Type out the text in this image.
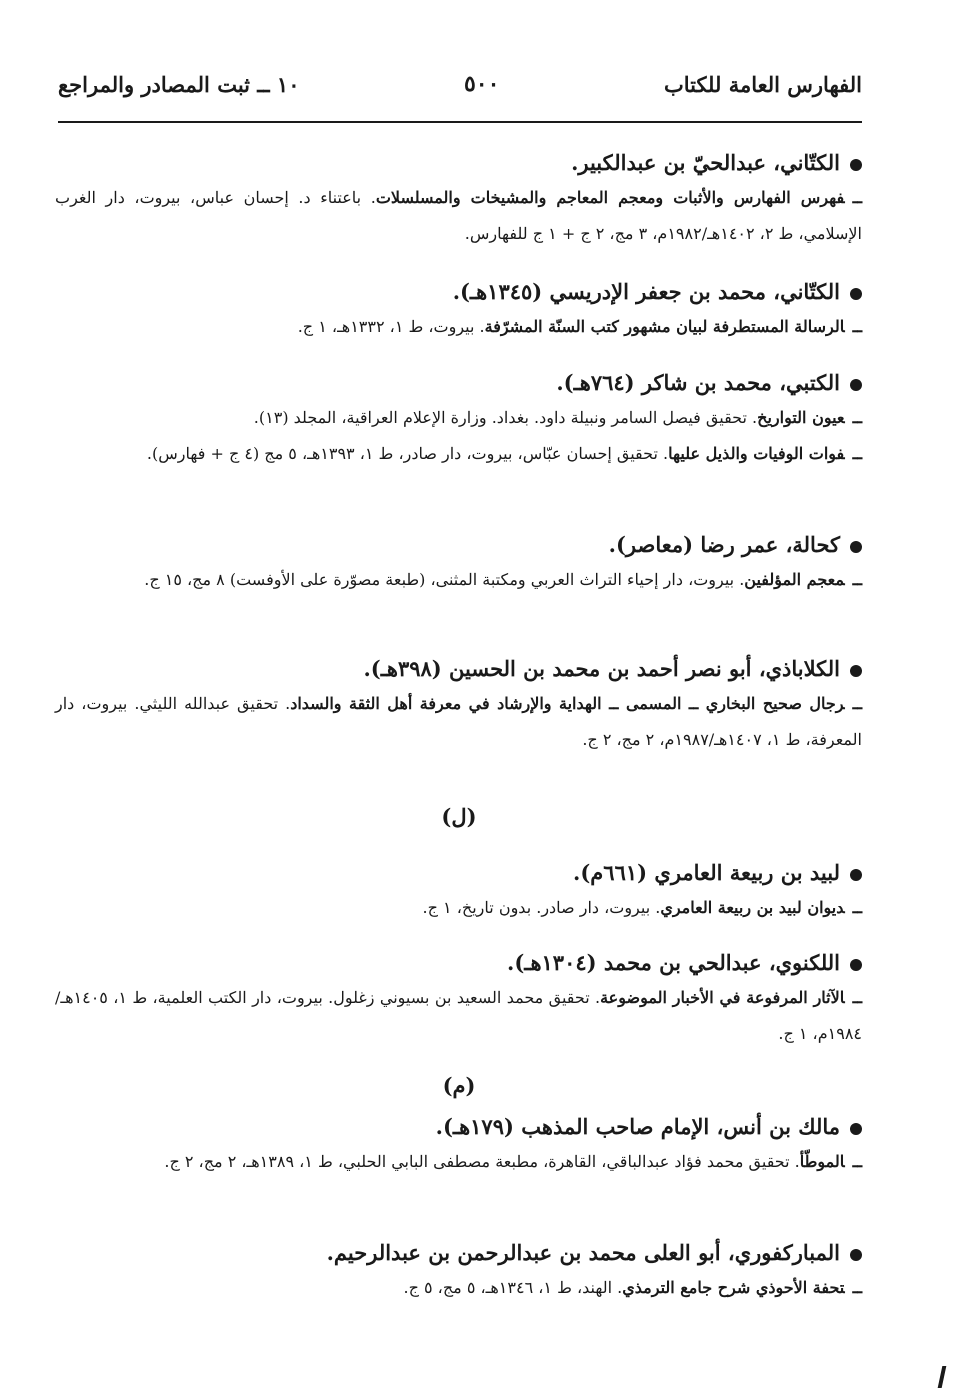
الفهارس العامة للكتاب
٥٠٠
١٠ ــ ثبت المصادر والمراجع

الكتّاني، عبدالحيّ بن عبدالكبير.

ــفهرس الفهارس والأثبات ومعجم المعاجم والمشيخات والمسلسلات. باعتناء د. إحسان عباس، بيروت، دار الغرب الإسلامي، ط ٢، ١٤٠٢هـ/١٩٨٢م، ٣ مج، ٢ ج + ١ ج للفهارس.

الكتّاني، محمد بن جعفر الإدريسي (١٣٤٥هـ).

ــالرسالة المستطرفة لبيان مشهور كتب السنّة المشرّفة. بيروت، ط ١، ١٣٣٢هـ، ١ ج.

الكتبي، محمد بن شاكر (٧٦٤هـ).

ــعيون التواريخ. تحقيق فيصل السامر ونبيلة داود. بغداد. وزارة الإعلام العراقية، المجلد (١٣).

ــفوات الوفيات والذيل عليها. تحقيق إحسان عبّاس، بيروت، دار صادر، ط ١، ١٣٩٣هـ، ٥ مج (٤ ج + فهارس).

كحالة، عمر رضا (معاصر).

ــمعجم المؤلفين. بيروت، دار إحياء التراث العربي ومكتبة المثنى، (طبعة مصوّرة على الأوفست) ٨ مج، ١٥ ج.

الكلاباذي، أبو نصر أحمد بن محمد بن الحسين (٣٩٨هـ).

ــرجال صحيح البخاري ــ المسمى ــ الهداية والإرشاد في معرفة أهل الثقة والسداد. تحقيق عبدالله الليثي. بيروت، دار المعرفة، ط ١، ١٤٠٧هـ/١٩٨٧م، ٢ مج، ٢ ج.

(ل)

لبيد بن ربيعة العامري (٦٦١م).

ــديوان لبيد بن ربيعة العامري. بيروت، دار صادر. بدون تاريخ، ١ ج.

اللكنوي، عبدالحي بن محمد (١٣٠٤هـ).

ــالآثار المرفوعة في الأخبار الموضوعة. تحقيق محمد السعيد بن بسيوني زغلول. بيروت، دار الكتب العلمية، ط ١، ١٤٠٥هـ/١٩٨٤م، ١ ج.

(م)

مالك بن أنس، الإمام صاحب المذهب (١٧٩هـ).

ــالموطّأ. تحقيق محمد فؤاد عبدالباقي، القاهرة، مطبعة مصطفى البابي الحلبي، ط ١، ١٣٨٩هـ، ٢ مج، ٢ ج.

المباركفوري، أبو العلى محمد بن عبدالرحمن بن عبدالرحيم.

ــتحفة الأحوذي شرح جامع الترمذي. الهند، ط ١، ١٣٤٦هـ، ٥ مج، ٥ ج.
